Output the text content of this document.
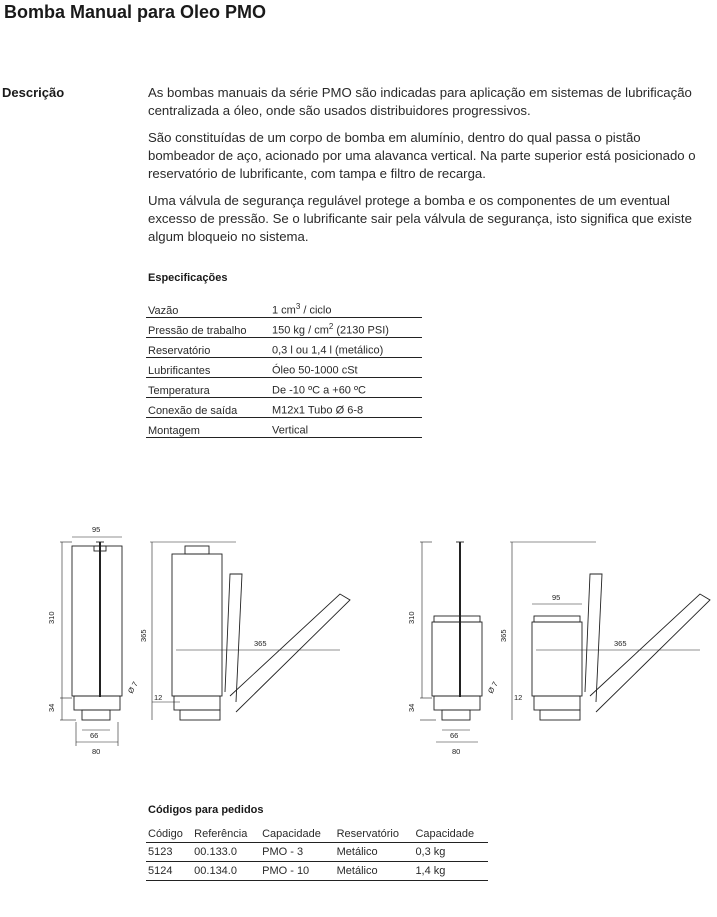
Bomba Manual para Oleo PMO
Descrição	As bombas manuais da série PMO são indicadas para aplicação em sistemas de lubrificação centralizada a óleo, onde são usados distribuidores progressivos.

São constituídas de um corpo de bomba em alumínio, dentro do qual passa o pistão bombeador de aço, acionado por uma alavanca vertical. Na parte superior está posicionado o reservatório de lubrificante, com tampa e filtro de recarga.

Uma válvula de segurança regulável protege a bomba e os componentes de um eventual excesso de pressão. Se o lubrificante sair pela válvula de segurança, isto significa que existe algum bloqueio no sistema.

Especificações
Vazão	1 $cm^3$ / ciclo
Pressão de trabalho	150 kg / $cm^2$ (2130 PSI)
Reservatório	0,3 l ou 1,4 l (metálico)
Lubrificantes	Óleo 50-1000 cSt
Temperatura	De -10 ºC a +60 ºC
Conexão de saída	M12x1 Tubo Ø 6-8
Montagem	Vertical
95
310
34
66
80
Ø 7
365
365
12
310
34
66
80
Ø 7
365
95
365
12
Códigos para pedidos
Código	Referência	Capacidade	Reservatório	Capacidade
5123	00.133.0	PMO - 3	Metálico	0,3 kg
5124	00.134.0	PMO - 10	Metálico	1,4 kg
